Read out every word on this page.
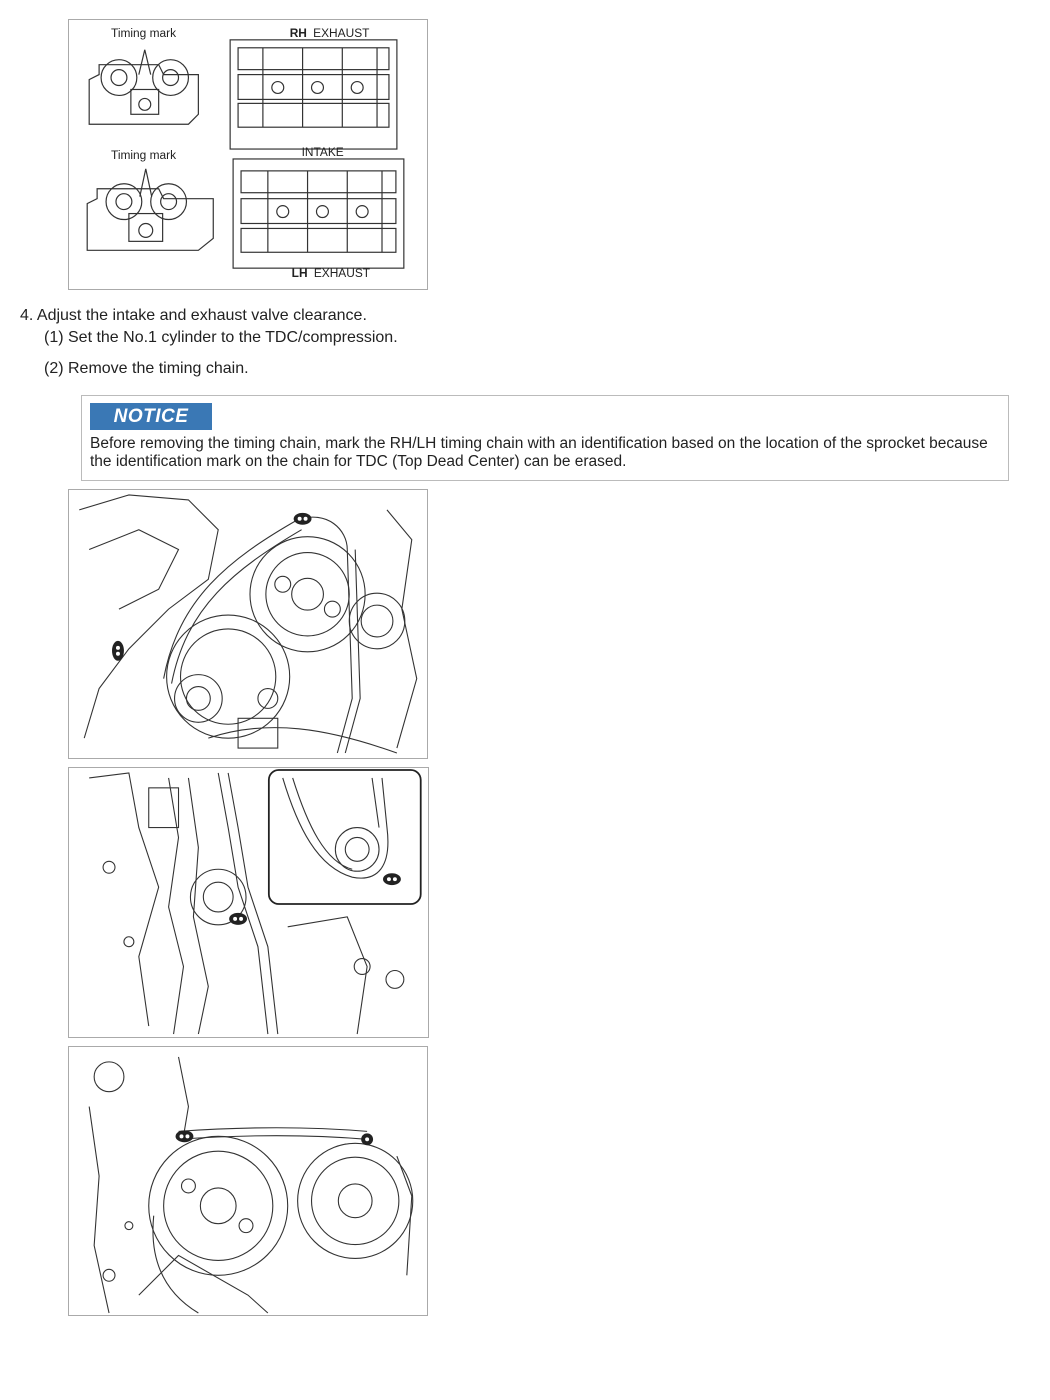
Timing mark
Timing mark
RH EXHAUST
INTAKE
LH EXHAUST
4. Adjust the intake and exhaust valve clearance.
(1) Set the No.1 cylinder to the TDC/compression.
(2) Remove the timing chain.
NOTICE
Before removing the timing chain, mark the RH/LH timing chain with an identification based on the location of the sprocket because the identification mark on the chain for TDC (Top Dead Center) can be erased.
